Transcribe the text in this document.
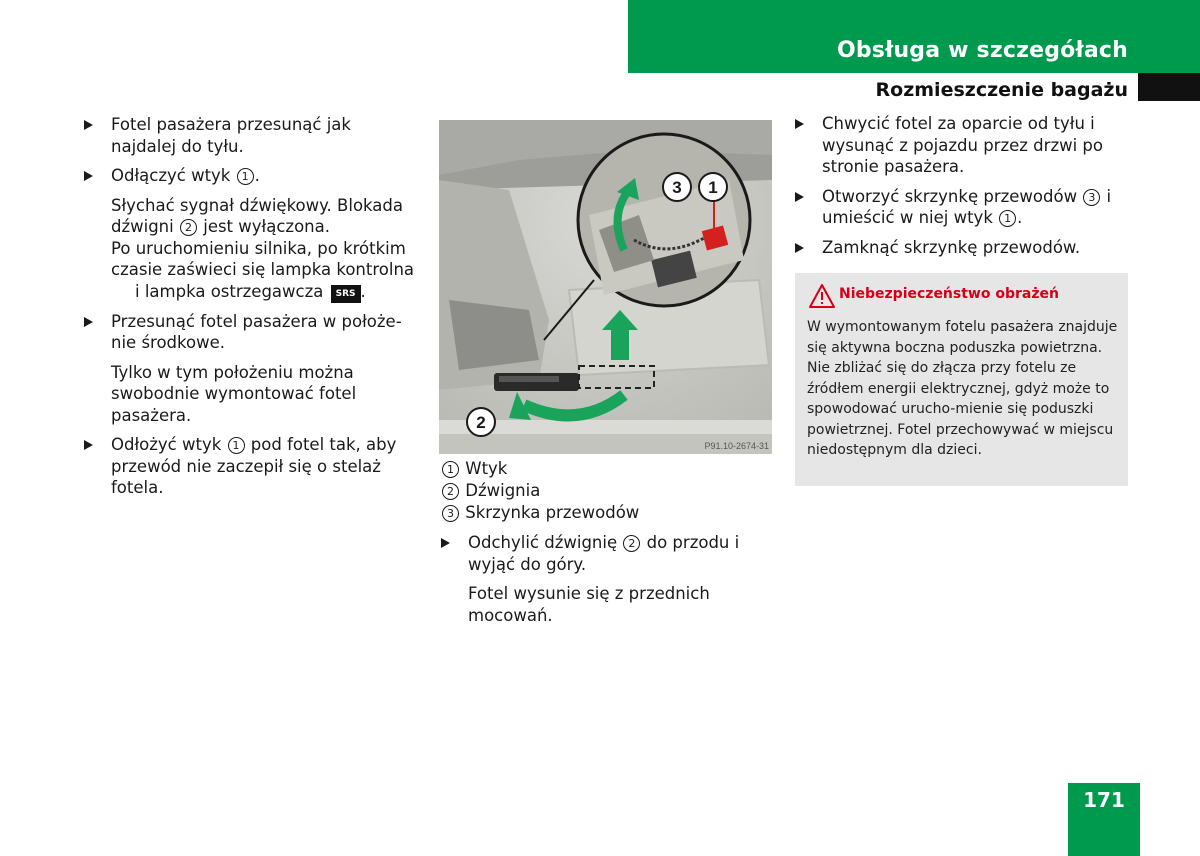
Obsługa w szczegółach
Rozmieszczenie bagażu
Fotel pasażera przesunąć jak najdalej do tyłu.
Odłączyć wtyk 1 .
Słychać sygnał dźwiękowy. Blokada dźwigni 2 jest wyłączona.
Po uruchomieniu silnika, po krótkim czasie zaświeci się lampka kontrolna
i lampka ostrzegawcza SRS .
Przesunąć fotel pasażera w położe-nie środkowe.
Tylko w tym położeniu można swobodnie wymontować fotel pasażera.
Odłożyć wtyk 1 pod fotel tak, aby przewód nie zaczepił się o stelaż fotela.
3 1
2
P91.10-2674-31
1 Wtyk
2 Dźwignia
3 Skrzynka przewodów
Odchylić dźwignię 2 do przodu i wyjąć do góry.
Fotel wysunie się z przednich mocowań.
Chwycić fotel za oparcie od tyłu i wysunąć z pojazdu przez drzwi po stronie pasażera.
Otworzyć skrzynkę przewodów 3 i umieścić w niej wtyk 1 .
Zamknąć skrzynkę przewodów.
Niebezpieczeństwo obrażeń
W wymontowanym fotelu pasażera znajduje się aktywna boczna poduszka powietrzna. Nie zbliżać się do złącza przy fotelu ze źródłem energii elektrycznej, gdyż może to spowodować urucho-mienie się poduszki powietrznej. Fotel przechowywać w miejscu niedostępnym dla dzieci.
171
